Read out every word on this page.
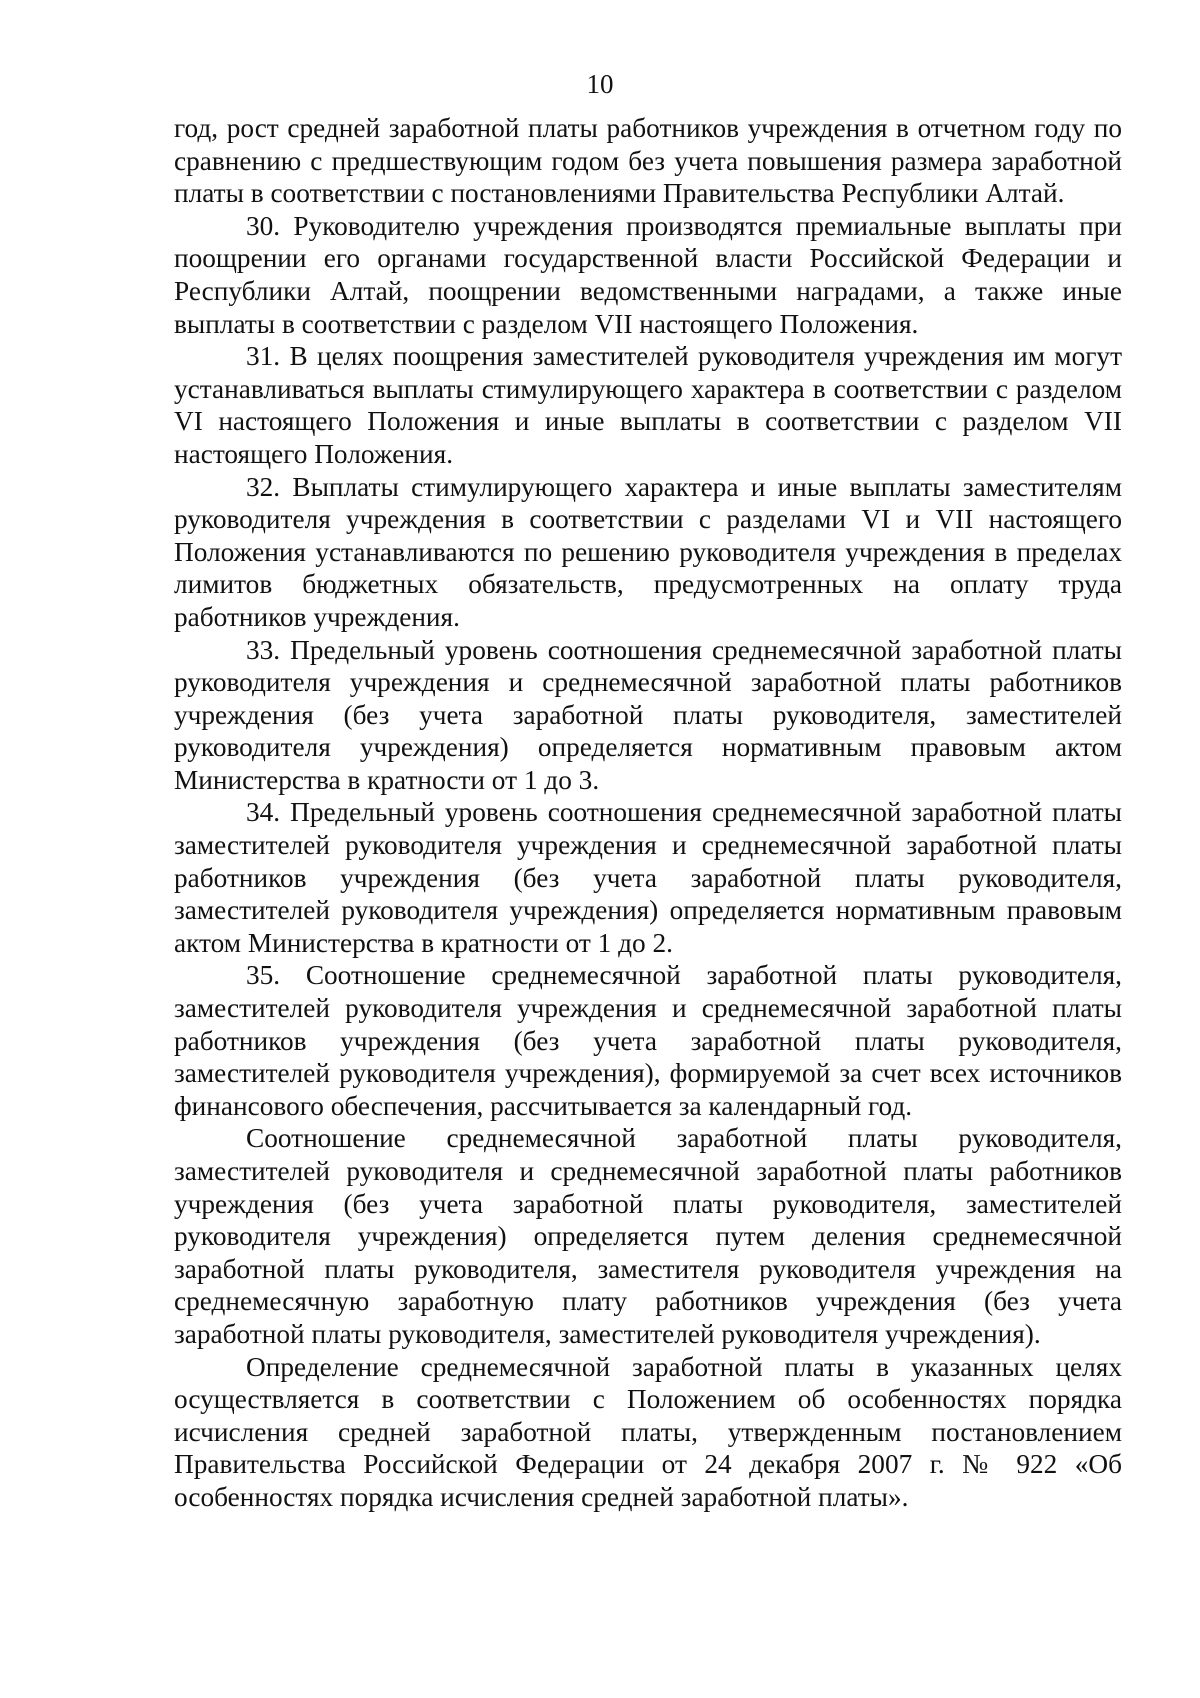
10

год, рост средней заработной платы работников учреждения в отчетном году по сравнению с предшествующим годом без учета повышения размера заработной платы в соответствии с постановлениями Правительства Республики Алтай.

30. Руководителю учреждения производятся премиальные выплаты при поощрении его органами государственной власти Российской Федерации и Республики Алтай, поощрении ведомственными наградами, а также иные выплаты в соответствии с разделом VII настоящего Положения.

31. В целях поощрения заместителей руководителя учреждения им могут устанавливаться выплаты стимулирующего характера в соответствии с разделом VI настоящего Положения и иные выплаты в соответствии с разделом VII настоящего Положения.

32. Выплаты стимулирующего характера и иные выплаты заместителям руководителя учреждения в соответствии с разделами VI и VII настоящего Положения устанавливаются по решению руководителя учреждения в пределах лимитов бюджетных обязательств, предусмотренных на оплату труда работников учреждения.

33. Предельный уровень соотношения среднемесячной заработной платы руководителя учреждения и среднемесячной заработной платы работников учреждения (без учета заработной платы руководителя, заместителей руководителя учреждения) определяется нормативным правовым актом Министерства в кратности от 1 до 3.

34. Предельный уровень соотношения среднемесячной заработной платы заместителей руководителя учреждения и среднемесячной заработной платы работников учреждения (без учета заработной платы руководителя, заместителей руководителя учреждения) определяется нормативным правовым актом Министерства в кратности от 1 до 2.

35. Соотношение среднемесячной заработной платы руководителя, заместителей руководителя учреждения и среднемесячной заработной платы работников учреждения (без учета заработной платы руководителя, заместителей руководителя учреждения), формируемой за счет всех источников финансового обеспечения, рассчитывается за календарный год.

Соотношение среднемесячной заработной платы руководителя, заместителей руководителя и среднемесячной заработной платы работников учреждения (без учета заработной платы руководителя, заместителей руководителя учреждения) определяется путем деления среднемесячной заработной платы руководителя, заместителя руководителя учреждения на среднемесячную заработную плату работников учреждения (без учета заработной платы руководителя, заместителей руководителя учреждения).

Определение среднемесячной заработной платы в указанных целях осуществляется в соответствии с Положением об особенностях порядка исчисления средней заработной платы, утвержденным постановлением Правительства Российской Федерации от 24 декабря 2007 г. № 922 «Об особенностях порядка исчисления средней заработной платы».
